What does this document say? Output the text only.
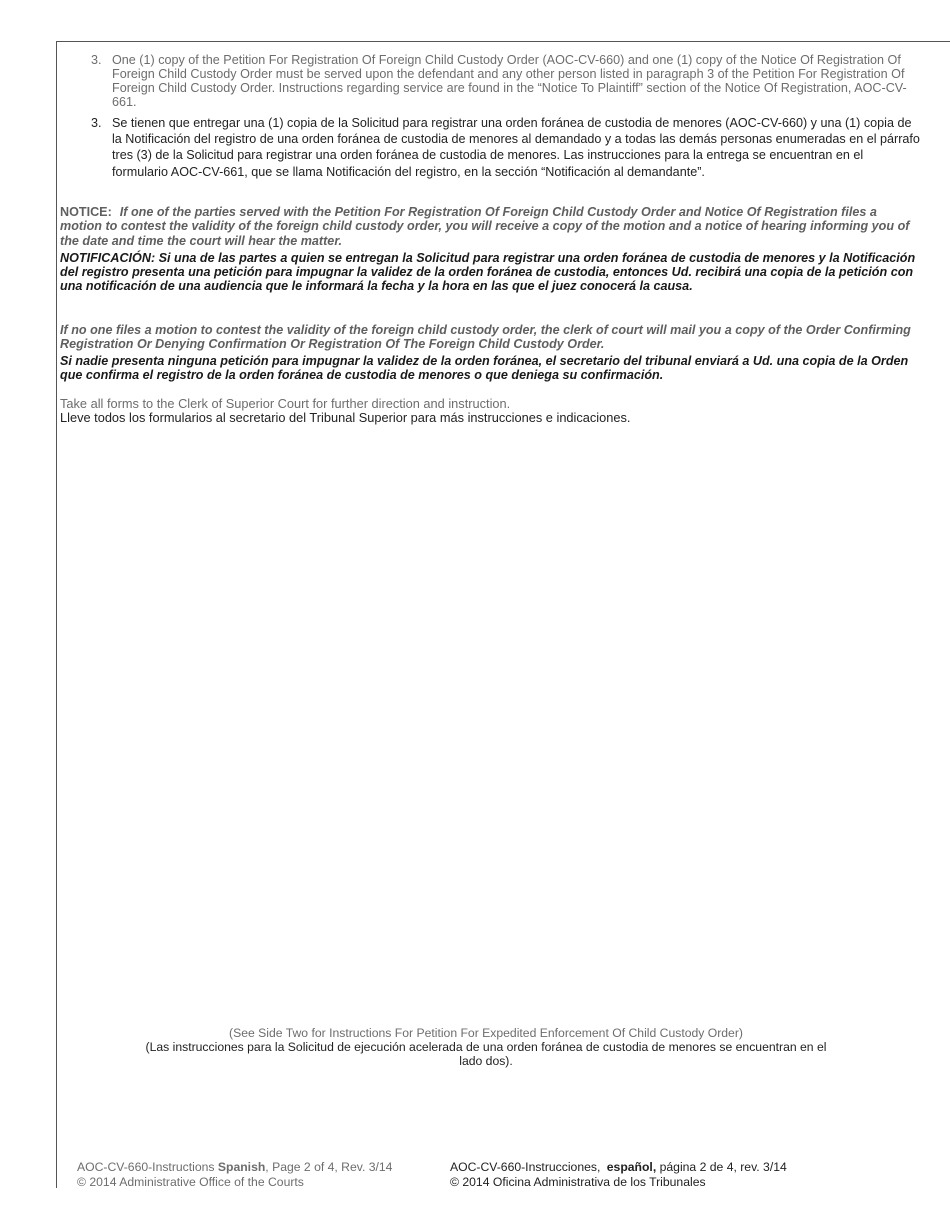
3. One (1) copy of the Petition For Registration Of Foreign Child Custody Order (AOC-CV-660) and one (1) copy of the Notice Of Registration Of Foreign Child Custody Order must be served upon the defendant and any other person listed in paragraph 3 of the Petition For Registration Of Foreign Child Custody Order. Instructions regarding service are found in the “Notice To Plaintiff” section of the Notice Of Registration, AOC-CV-661.
3. Se tienen que entregar una (1) copia de la Solicitud para registrar una orden foránea de custodia de menores (AOC-CV-660) y una (1) copia de la Notificación del registro de una orden foránea de custodia de menores al demandado y a todas las demás personas enumeradas en el párrafo tres (3) de la Solicitud para registrar una orden foránea de custodia de menores. Las instrucciones para la entrega se encuentran en el formulario AOC-CV-661, que se llama Notificación del registro, en la sección “Notificación al demandante”.
NOTICE: If one of the parties served with the Petition For Registration Of Foreign Child Custody Order and Notice Of Registration files a motion to contest the validity of the foreign child custody order, you will receive a copy of the motion and a notice of hearing informing you of the date and time the court will hear the matter.
NOTIFICACIÓN: Si una de las partes a quien se entregan la Solicitud para registrar una orden foránea de custodia de menores y la Notificación del registro presenta una petición para impugnar la validez de la orden foránea de custodia, entonces Ud. recibirá una copia de la petición con una notificación de una audiencia que le informará la fecha y la hora en las que el juez conocerá la causa.
If no one files a motion to contest the validity of the foreign child custody order, the clerk of court will mail you a copy of the Order Confirming Registration Or Denying Confirmation Or Registration Of The Foreign Child Custody Order.
Si nadie presenta ninguna petición para impugnar la validez de la orden foránea, el secretario del tribunal enviará a Ud. una copia de la Orden que confirma el registro de la orden foránea de custodia de menores o que deniega su confirmación.
Take all forms to the Clerk of Superior Court for further direction and instruction.
Lleve todos los formularios al secretario del Tribunal Superior para más instrucciones e indicaciones.
(See Side Two for Instructions For Petition For Expedited Enforcement Of Child Custody Order)
(Las instrucciones para la Solicitud de ejecución acelerada de una orden foránea de custodia de menores se encuentran en el lado dos).
AOC-CV-660-Instructions Spanish, Page 2 of 4, Rev. 3/14
© 2014 Administrative Office of the Courts
AOC-CV-660-Instrucciones, español, página 2 de 4, rev. 3/14
© 2014 Oficina Administrativa de los Tribunales
